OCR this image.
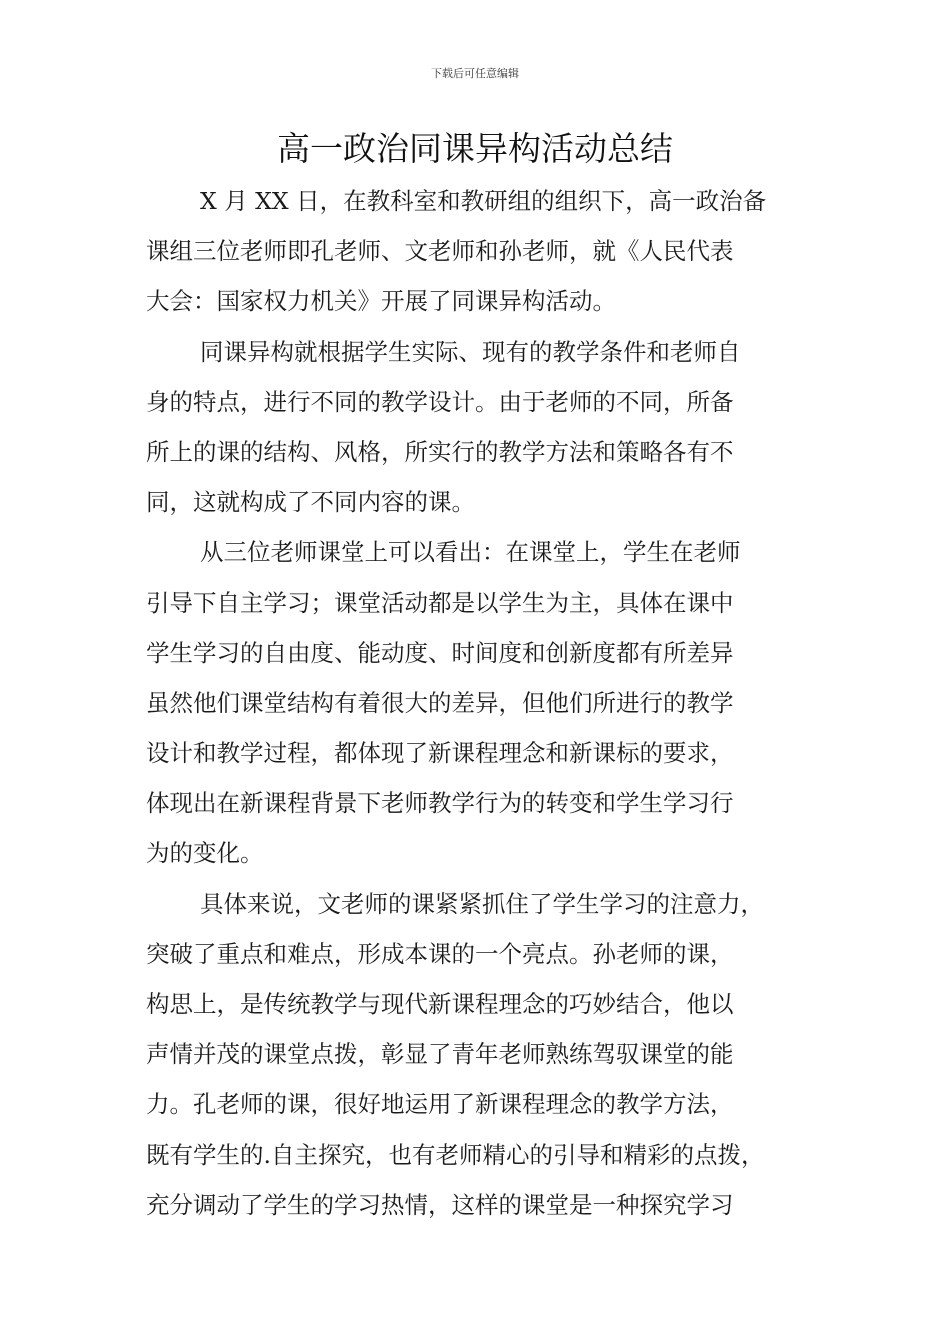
下载后可任意编辑
高一政治同课异构活动总结
X 月 XX 日，在教科室和教研组的组织下，高一政治备
课组三位老师即孔老师、文老师和孙老师，就《人民代表
大会：国家权力机关》开展了同课异构活动。
同课异构就根据学生实际、现有的教学条件和老师自
身的特点，进行不同的教学设计。由于老师的不同，所备
所上的课的结构、风格，所实行的教学方法和策略各有不
同，这就构成了不同内容的课。
从三位老师课堂上可以看出：在课堂上，学生在老师
引导下自主学习；课堂活动都是以学生为主，具体在课中
学生学习的自由度、能动度、时间度和创新度都有所差异
虽然他们课堂结构有着很大的差异，但他们所进行的教学
设计和教学过程，都体现了新课程理念和新课标的要求，
体现出在新课程背景下老师教学行为的转变和学生学习行
为的变化。
具体来说，文老师的课紧紧抓住了学生学习的注意力，
突破了重点和难点，形成本课的一个亮点。孙老师的课，
构思上，是传统教学与现代新课程理念的巧妙结合，他以
声情并茂的课堂点拨，彰显了青年老师熟练驾驭课堂的能
力。孔老师的课，很好地运用了新课程理念的教学方法，
既有学生的.自主探究，也有老师精心的引导和精彩的点拨，
充分调动了学生的学习热情，这样的课堂是一种探究学习
